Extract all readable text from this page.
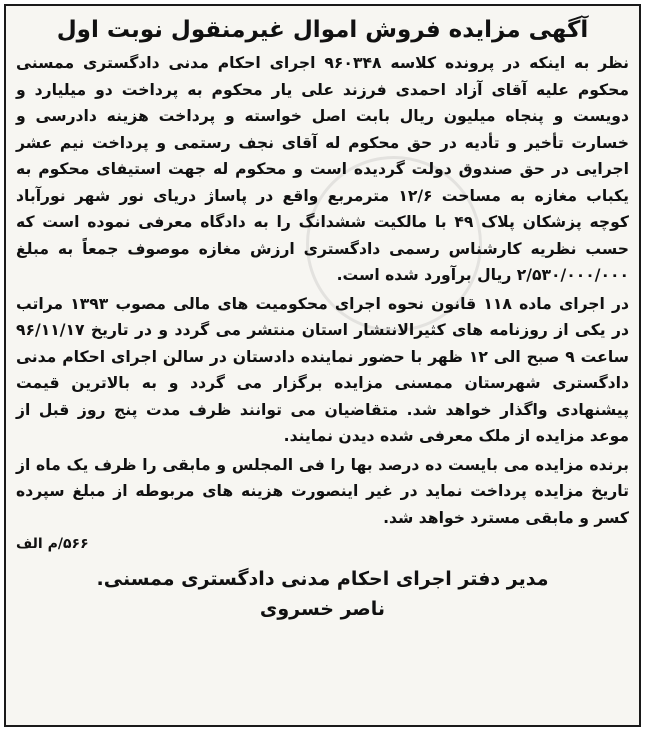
آگهی مزایده فروش اموال غیرمنقول نوبت اول

نظر به اینکه در پرونده کلاسه ۹۶۰۳۴۸ اجرای احکام مدنی دادگستری ممسنی محکوم علیه آقای آزاد احمدی فرزند علی یار محکوم به پرداخت دو میلیارد و دویست و پنجاه میلیون ریال بابت اصل خواسته و پرداخت هزینه دادرسی و خسارت تأخیر و تأدیه در حق محکوم له آقای نجف رستمی و پرداخت نیم عشر اجرایی در حق صندوق دولت گردیده است و محکوم له جهت استیفای محکوم به یکباب مغازه به مساحت ۱۲/۶ مترمربع واقع در پاساژ دریای نور شهر نورآباد کوچه پزشکان پلاک ۴۹ با مالکیت ششدانگ را به دادگاه معرفی نموده است که حسب نظریه کارشناس رسمی دادگستری ارزش مغازه موصوف جمعاً به مبلغ ۲/۵۳۰/۰۰۰/۰۰۰ ریال برآورد شده است.

در اجرای ماده ۱۱۸ قانون نحوه اجرای محکومیت های مالی مصوب ۱۳۹۳ مراتب در یکی از روزنامه های کثیرالانتشار استان منتشر می گردد و در تاریخ ۹۶/۱۱/۱۷ ساعت ۹ صبح الی ۱۲ ظهر با حضور نماینده دادستان در سالن اجرای احکام مدنی دادگستری شهرستان ممسنی مزایده برگزار می گردد و به بالاترین قیمت پیشنهادی واگذار خواهد شد. متقاضیان می توانند ظرف مدت پنج روز قبل از موعد مزایده از ملک معرفی شده دیدن نمایند.

برنده مزایده می بایست ده درصد بها را فی المجلس و مابقی را ظرف یک ماه از تاریخ مزایده پرداخت نماید در غیر اینصورت هزینه های مربوطه از مبلغ سپرده کسر و مابقی مسترد خواهد شد.

۵۶۶/م الف
مدیر دفتر اجرای احکام مدنی دادگستری ممسنی.
ناصر خسروی
